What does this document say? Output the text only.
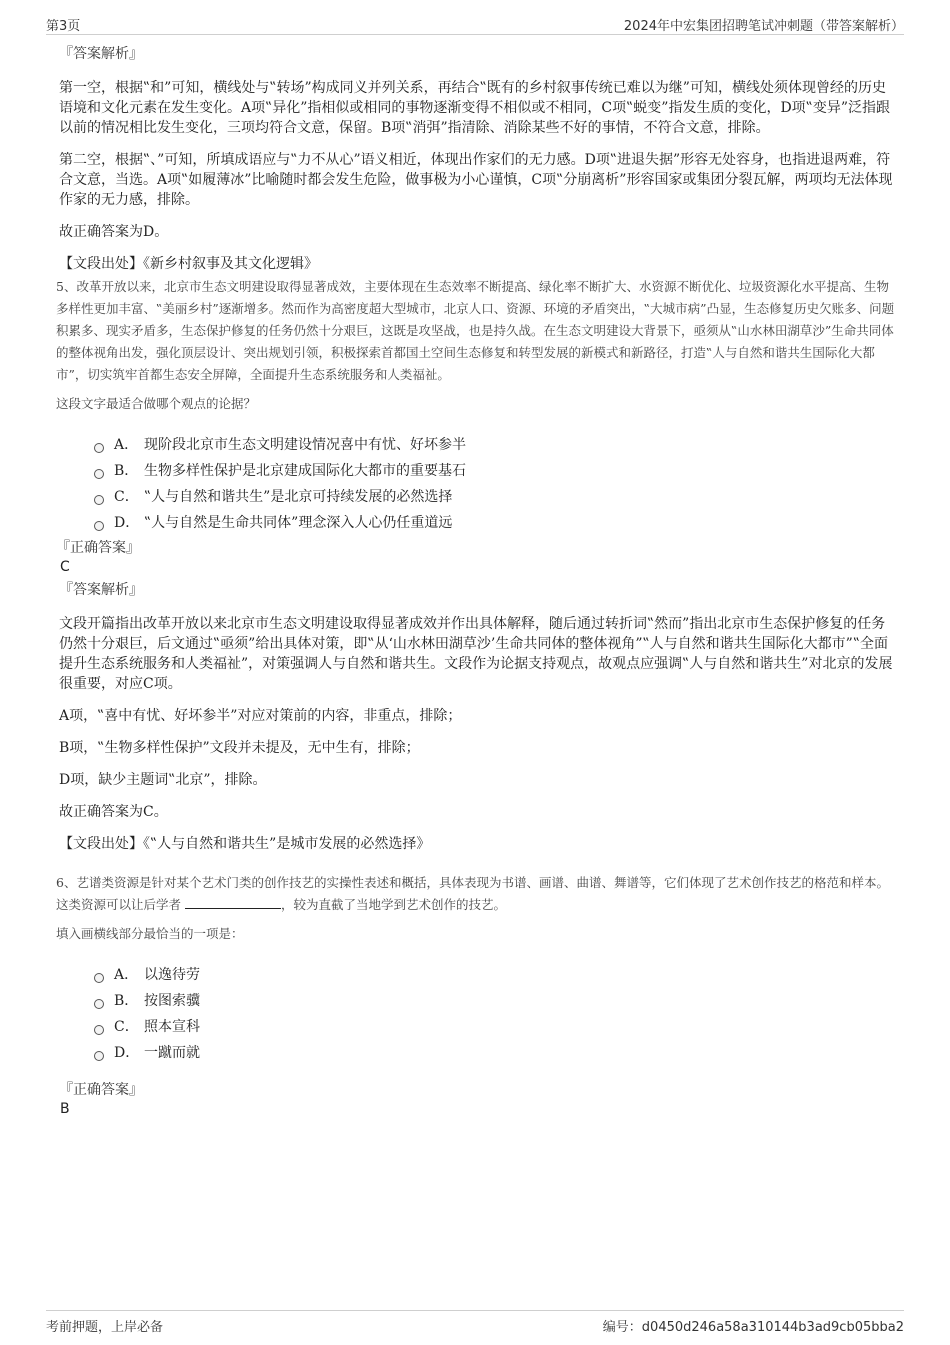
第3页	2024年中宏集团招聘笔试冲刺题（带答案解析）
『答案解析』

第一空，根据‟和”可知，横线处与‟转场”构成同义并列关系，再结合‟既有的乡村叙事传统已难以为继”可知，横线处须体现曾经的历史语境和文化元素在发生变化。A项‟异化”指相似或相同的事物逐渐变得不相似或不相同，C项‟蜕变”指发生质的变化，D项‟变异”泛指跟以前的情况相比发生变化，三项均符合文意，保留。B项‟消弭”指清除、消除某些不好的事情，不符合文意，排除。

第二空，根据‟、”可知，所填成语应与‟力不从心”语义相近，体现出作家们的无力感。D项‟进退失据”形容无处容身，也指进退两难，符合文意，当选。A项‟如履薄冰”比喻随时都会发生危险，做事极为小心谨慎，C项‟分崩离析”形容国家或集团分裂瓦解，两项均无法体现作家的无力感，排除。

故正确答案为D。

【文段出处】《新乡村叙事及其文化逻辑》

5、改革开放以来，北京市生态文明建设取得显著成效，主要体现在生态效率不断提高、绿化率不断扩大、水资源不断优化、垃圾资源化水平提高、生物多样性更加丰富、‟美丽乡村”逐渐增多。然而作为高密度超大型城市，北京人口、资源、环境的矛盾突出，‟大城市病”凸显，生态修复历史欠账多、问题积累多、现实矛盾多，生态保护修复的任务仍然十分艰巨，这既是攻坚战，也是持久战。在生态文明建设大背景下，亟须从‟山水林田湖草沙”生命共同体的整体视角出发，强化顶层设计、突出规划引领，积极探索首都国土空间生态修复和转型发展的新模式和新路径，打造‟人与自然和谐共生国际化大都市”，切实筑牢首都生态安全屏障，全面提升生态系统服务和人类福祉。

这段文字最适合做哪个观点的论据？

A． 现阶段北京市生态文明建设情况喜中有忧、好坏参半
B． 生物多样性保护是北京建成国际化大都市的重要基石
C． ‟人与自然和谐共生”是北京可持续发展的必然选择
D． ‟人与自然是生命共同体”理念深入人心仍任重道远
『正确答案』
C
『答案解析』

文段开篇指出改革开放以来北京市生态文明建设取得显著成效并作出具体解释，随后通过转折词‟然而”指出北京市生态保护修复的任务仍然十分艰巨，后文通过‟亟须”给出具体对策，即‟从‘山水林田湖草沙’生命共同体的整体视角”‟人与自然和谐共生国际化大都市”‟全面提升生态系统服务和人类福祉”，对策强调人与自然和谐共生。文段作为论据支持观点，故观点应强调‟人与自然和谐共生”对北京的发展很重要，对应C项。

A项，‟喜中有忧、好坏参半”对应对策前的内容，非重点，排除；

B项，‟生物多样性保护”文段并未提及，无中生有，排除；

D项，缺少主题词‟北京”，排除。

故正确答案为C。

【文段出处】《‟人与自然和谐共生”是城市发展的必然选择》

6、艺谱类资源是针对某个艺术门类的创作技艺的实操性表述和概括，具体表现为书谱、画谱、曲谱、舞谱等，它们体现了艺术创作技艺的格范和样本。这类资源可以让后学者	，较为直截了当地学到艺术创作的技艺。

填入画横线部分最恰当的一项是：

A． 以逸待劳
B． 按图索骥
C． 照本宣科
D． 一蹴而就
『正确答案』
B
考前押题，上岸必备	编号：d0450d246a58a310144b3ad9cb05bba2
